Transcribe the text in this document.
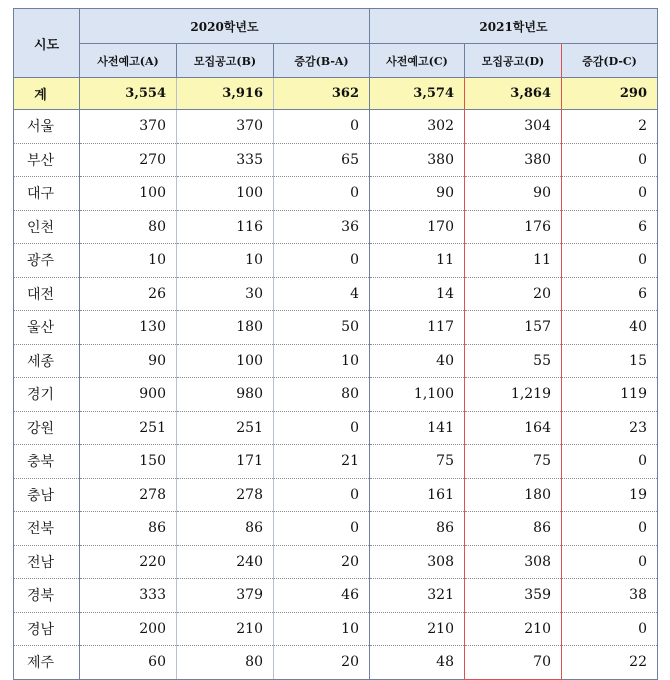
시도	2020학년도			2021학년도		
	사전예고(A)	모집공고(B)	증감(B-A)	사전예고(C)	모집공고(D)	증감(D-C)
계	3,554	3,916	362	3,574	3,864	290
서울	370	370	0	302	304	2
부산	270	335	65	380	380	0
대구	100	100	0	90	90	0
인천	80	116	36	170	176	6
광주	10	10	0	11	11	0
대전	26	30	4	14	20	6
울산	130	180	50	117	157	40
세종	90	100	10	40	55	15
경기	900	980	80	1,100	1,219	119
강원	251	251	0	141	164	23
충북	150	171	21	75	75	0
충남	278	278	0	161	180	19
전북	86	86	0	86	86	0
전남	220	240	20	308	308	0
경북	333	379	46	321	359	38
경남	200	210	10	210	210	0
제주	60	80	20	48	70	22
